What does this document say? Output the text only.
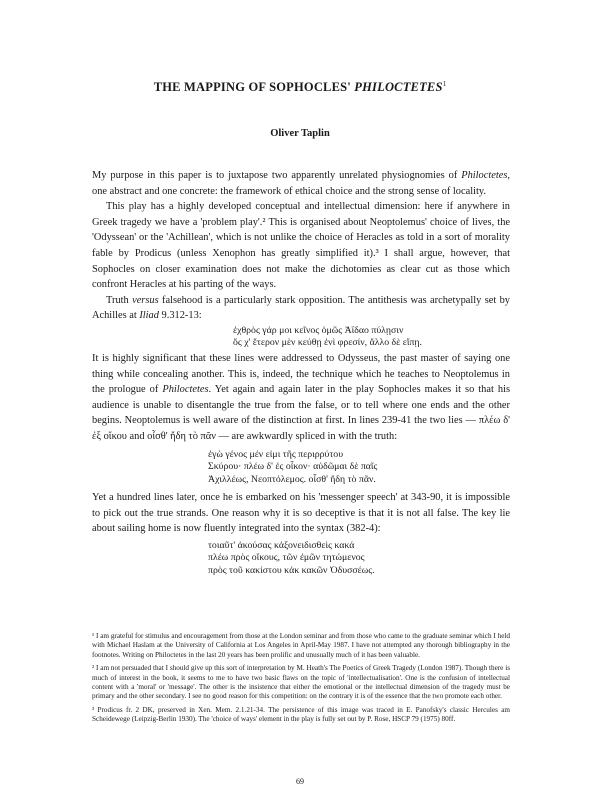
THE MAPPING OF SOPHOCLES' PHILOCTETES$^1$
Oliver Taplin

My purpose in this paper is to juxtapose two apparently unrelated physiognomies of Philoctetes, one abstract and one concrete: the framework of ethical choice and the strong sense of locality.

This play has a highly developed conceptual and intellectual dimension: here if anywhere in Greek tragedy we have a 'problem play'.² This is organised about Neoptolemus' choice of lives, the 'Odyssean' or the 'Achillean', which is not unlike the choice of Heracles as told in a sort of morality fable by Prodicus (unless Xenophon has greatly simplified it).³ I shall argue, however, that Sophocles on closer examination does not make the dichotomies as clear cut as those which confront Heracles at his parting of the ways.

Truth versus falsehood is a particularly stark opposition. The antithesis was archetypally set by Achilles at Iliad 9.312-13:

ἐχθρὸς γάρ μοι κεῖνος ὁμῶς Ἀΐδαο πύλῃσιν
ὅς χ' ἕτερον μὲν κεύθῃ ἐνὶ φρεσίν, ἄλλο δὲ εἴπῃ.

It is highly significant that these lines were addressed to Odysseus, the past master of saying one thing while concealing another. This is, indeed, the technique which he teaches to Neoptolemus in the prologue of Philoctetes. Yet again and again later in the play Sophocles makes it so that his audience is unable to disentangle the true from the false, or to tell where one ends and the other begins. Neoptolemus is well aware of the distinction at first. In lines 239-41 the two lies — πλέω δ' ἐξ οἴκου and οἶσθ' ἤδη τὸ πᾶν — are awkwardly spliced in with the truth:

ἐγὼ γένος μέν εἰμι τῆς περιρρύτου
Σκύρου· πλέω δ' ἐς οἶκον· αὐδῶμαι δὲ παῖς
Ἀχιλλέως, Νεοπτόλεμος. οἶσθ' ἤδη τὸ πᾶν.

Yet a hundred lines later, once he is embarked on his 'messenger speech' at 343-90, it is impossible to pick out the true strands. One reason why it is so deceptive is that it is not all false. The key lie about sailing home is now fluently integrated into the syntax (382-4):

τοιαῦτ' ἀκούσας κἀξονειδισθεὶς κακά
πλέω πρὸς οἴκους, τῶν ἐμῶν τητώμενος
πρὸς τοῦ κακίστου κἀκ κακῶν Ὀδυσσέως.

¹ I am grateful for stimulus and encouragement from those at the London seminar and from those who came to the graduate seminar which I held with Michael Haslam at the University of California at Los Angeles in April-May 1987. I have not attempted any thorough bibliography in the footnotes. Writing on Philoctetes in the last 20 years has been prolific and unusually much of it has been valuable.

² I am not persuaded that I should give up this sort of interpretation by M. Heath's The Poetics of Greek Tragedy (London 1987). Though there is much of interest in the book, it seems to me to have two basic flaws on the topic of 'intellectualisation'. One is the confusion of intellectual content with a 'moral' or 'message'. The other is the insistence that either the emotional or the intellectual dimension of the tragedy must be primary and the other secondary. I see no good reason for this competition: on the contrary it is of the essence that the two promote each other.

³ Prodicus fr. 2 DK, preserved in Xen. Mem. 2.1.21-34. The persistence of this image was traced in E. Panofsky's classic Hercules am Scheidewege (Leipzig-Berlin 1930). The 'choice of ways' element in the play is fully set out by P. Rose, HSCP 79 (1975) 80ff.

69
